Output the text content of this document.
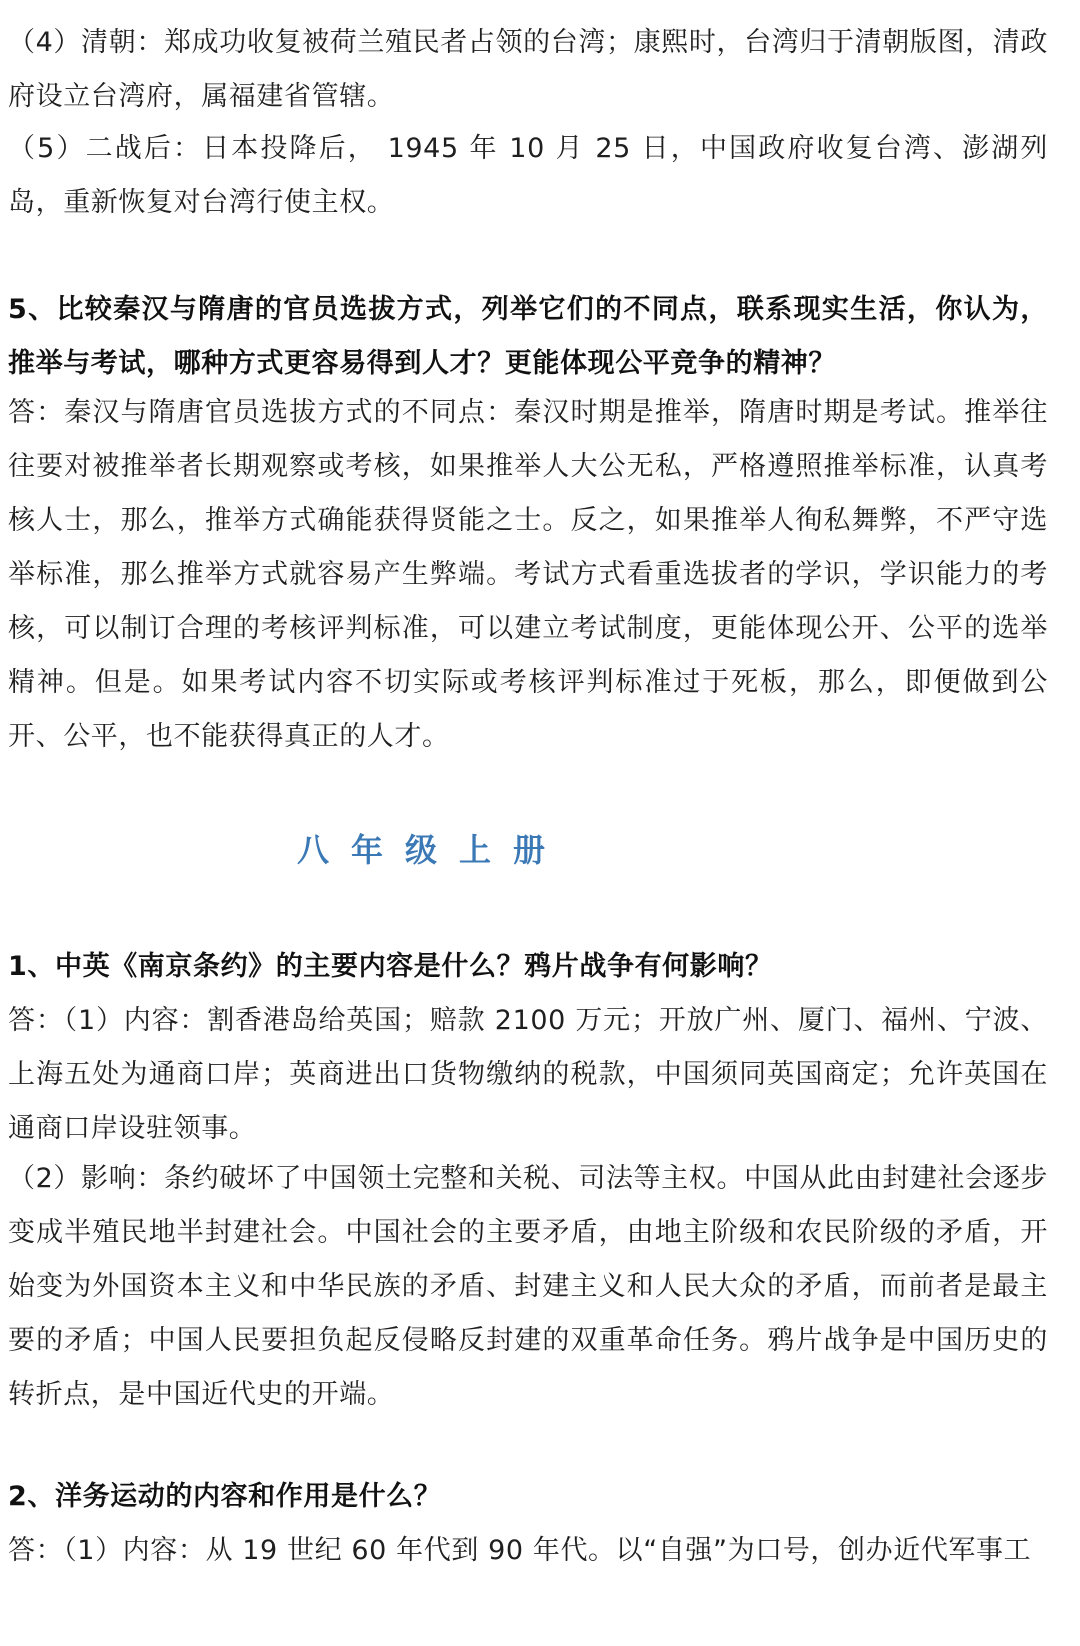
（4）清朝：郑成功收复被荷兰殖民者占领的台湾；康熙时，台湾归于清朝版图，清政府设立台湾府，属福建省管辖。

（5）二战后：日本投降后， 1945 年 10 月 25 日，中国政府收复台湾、澎湖列岛，重新恢复对台湾行使主权。

5、比较秦汉与隋唐的官员选拔方式，列举它们的不同点，联系现实生活，你认为，推举与考试，哪种方式更容易得到人才？更能体现公平竞争的精神？

答：秦汉与隋唐官员选拔方式的不同点：秦汉时期是推举，隋唐时期是考试。推举往往要对被推举者长期观察或考核，如果推举人大公无私，严格遵照推举标准，认真考核人士，那么，推举方式确能获得贤能之士。反之，如果推举人徇私舞弊，不严守选举标准，那么推举方式就容易产生弊端。考试方式看重选拔者的学识，学识能力的考核，可以制订合理的考核评判标准，可以建立考试制度，更能体现公开、公平的选举精神。但是。如果考试内容不切实际或考核评判标准过于死板，那么，即便做到公开、公平，也不能获得真正的人才。

八年级上册

1、中英《南京条约》的主要内容是什么？鸦片战争有何影响？

答：（1）内容：割香港岛给英国；赔款 2100 万元；开放广州、厦门、福州、宁波、上海五处为通商口岸；英商进出口货物缴纳的税款，中国须同英国商定；允许英国在通商口岸设驻领事。

（2）影响：条约破坏了中国领土完整和关税、司法等主权。中国从此由封建社会逐步变成半殖民地半封建社会。中国社会的主要矛盾，由地主阶级和农民阶级的矛盾，开始变为外国资本主义和中华民族的矛盾、封建主义和人民大众的矛盾，而前者是最主要的矛盾；中国人民要担负起反侵略反封建的双重革命任务。鸦片战争是中国历史的转折点，是中国近代史的开端。

2、洋务运动的内容和作用是什么？

答：（1）内容：从 19 世纪 60 年代到 90 年代。以“自强”为口号，创办近代军事工
